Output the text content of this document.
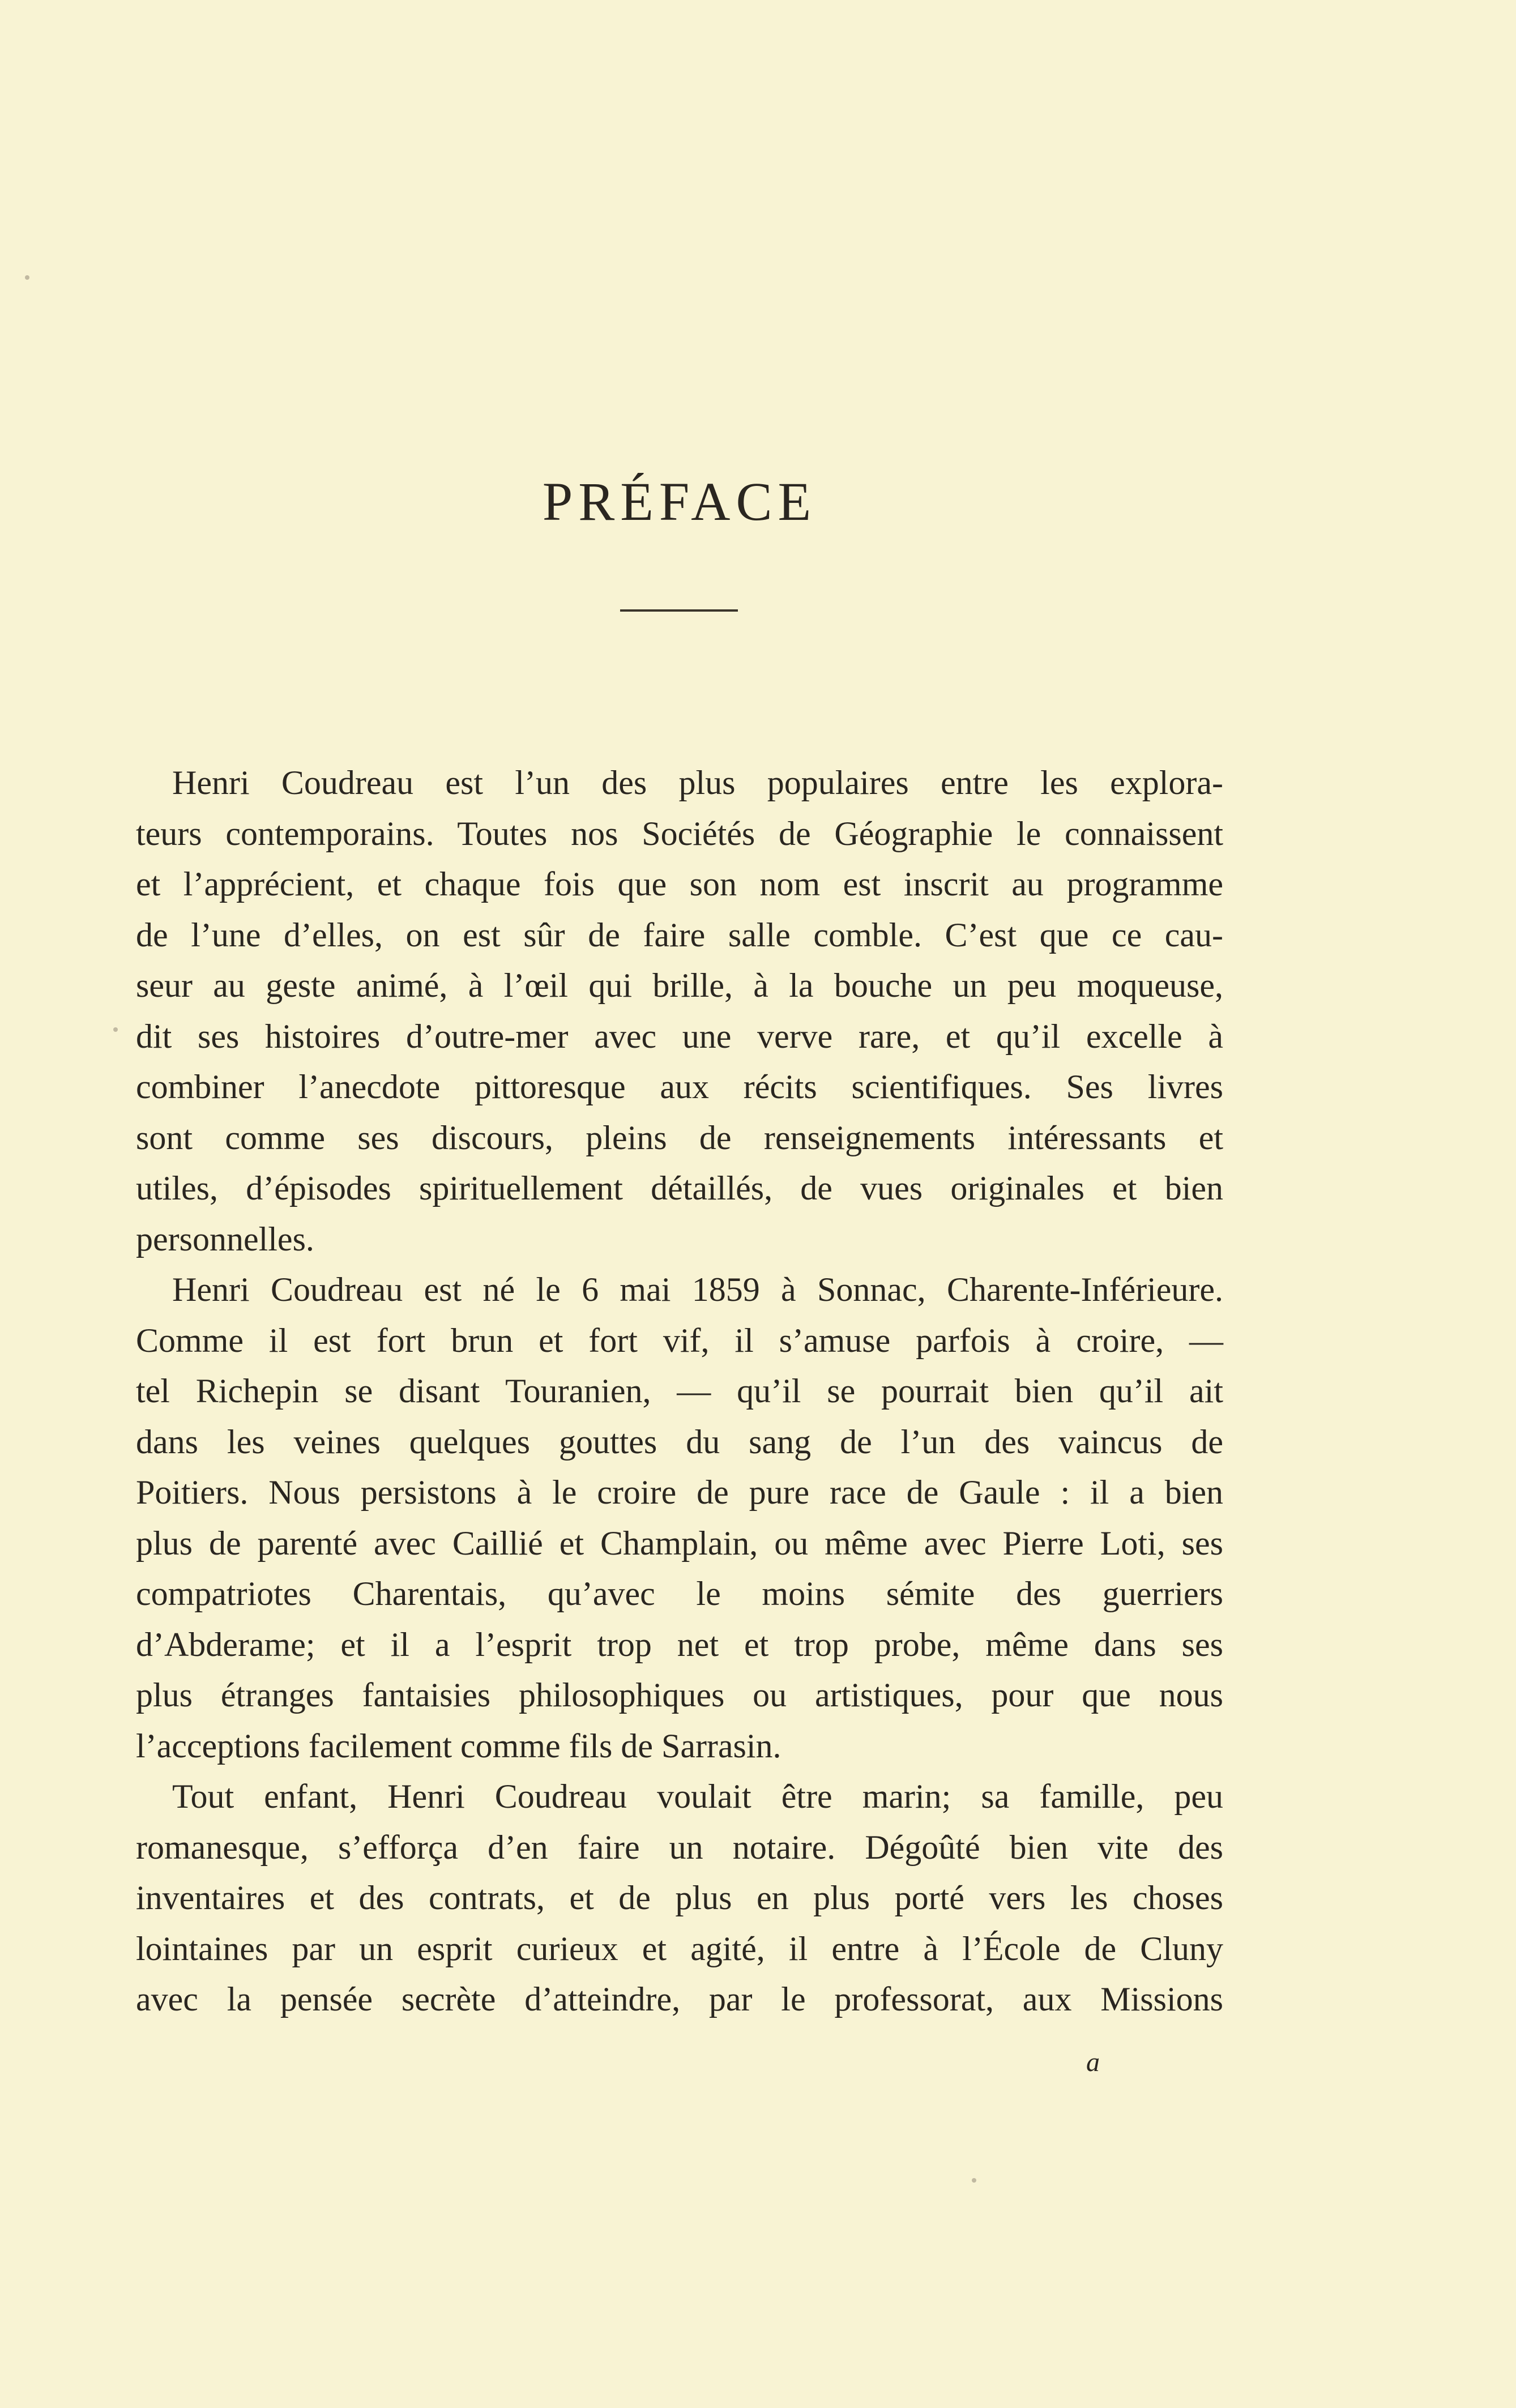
PRÉFACE

Henri Coudreau est l’un des plus populaires entre les explora-
teurs contemporains. Toutes nos Sociétés de Géographie le connaissent
et l’apprécient, et chaque fois que son nom est inscrit au programme
de l’une d’elles, on est sûr de faire salle comble. C’est que ce cau-
seur au geste animé, à l’œil qui brille, à la bouche un peu moqueuse,
dit ses histoires d’outre-mer avec une verve rare, et qu’il excelle à
combiner l’anecdote pittoresque aux récits scientifiques. Ses livres
sont comme ses discours, pleins de renseignements intéressants et
utiles, d’épisodes spirituellement détaillés, de vues originales et bien
personnelles.

Henri Coudreau est né le 6 mai 1859 à Sonnac, Charente-Inférieure.
Comme il est fort brun et fort vif, il s’amuse parfois à croire, —
tel Richepin se disant Touranien, — qu’il se pourrait bien qu’il ait
dans les veines quelques gouttes du sang de l’un des vaincus de
Poitiers. Nous persistons à le croire de pure race de Gaule : il a bien
plus de parenté avec Caillié et Champlain, ou même avec Pierre Loti, ses
compatriotes Charentais, qu’avec le moins sémite des guerriers
d’Abderame; et il a l’esprit trop net et trop probe, même dans ses
plus étranges fantaisies philosophiques ou artistiques, pour que nous
l’acceptions facilement comme fils de Sarrasin.

Tout enfant, Henri Coudreau voulait être marin; sa famille, peu
romanesque, s’efforça d’en faire un notaire. Dégoûté bien vite des
inventaires et des contrats, et de plus en plus porté vers les choses
lointaines par un esprit curieux et agité, il entre à l’École de Cluny
avec la pensée secrète d’atteindre, par le professorat, aux Missions

a
